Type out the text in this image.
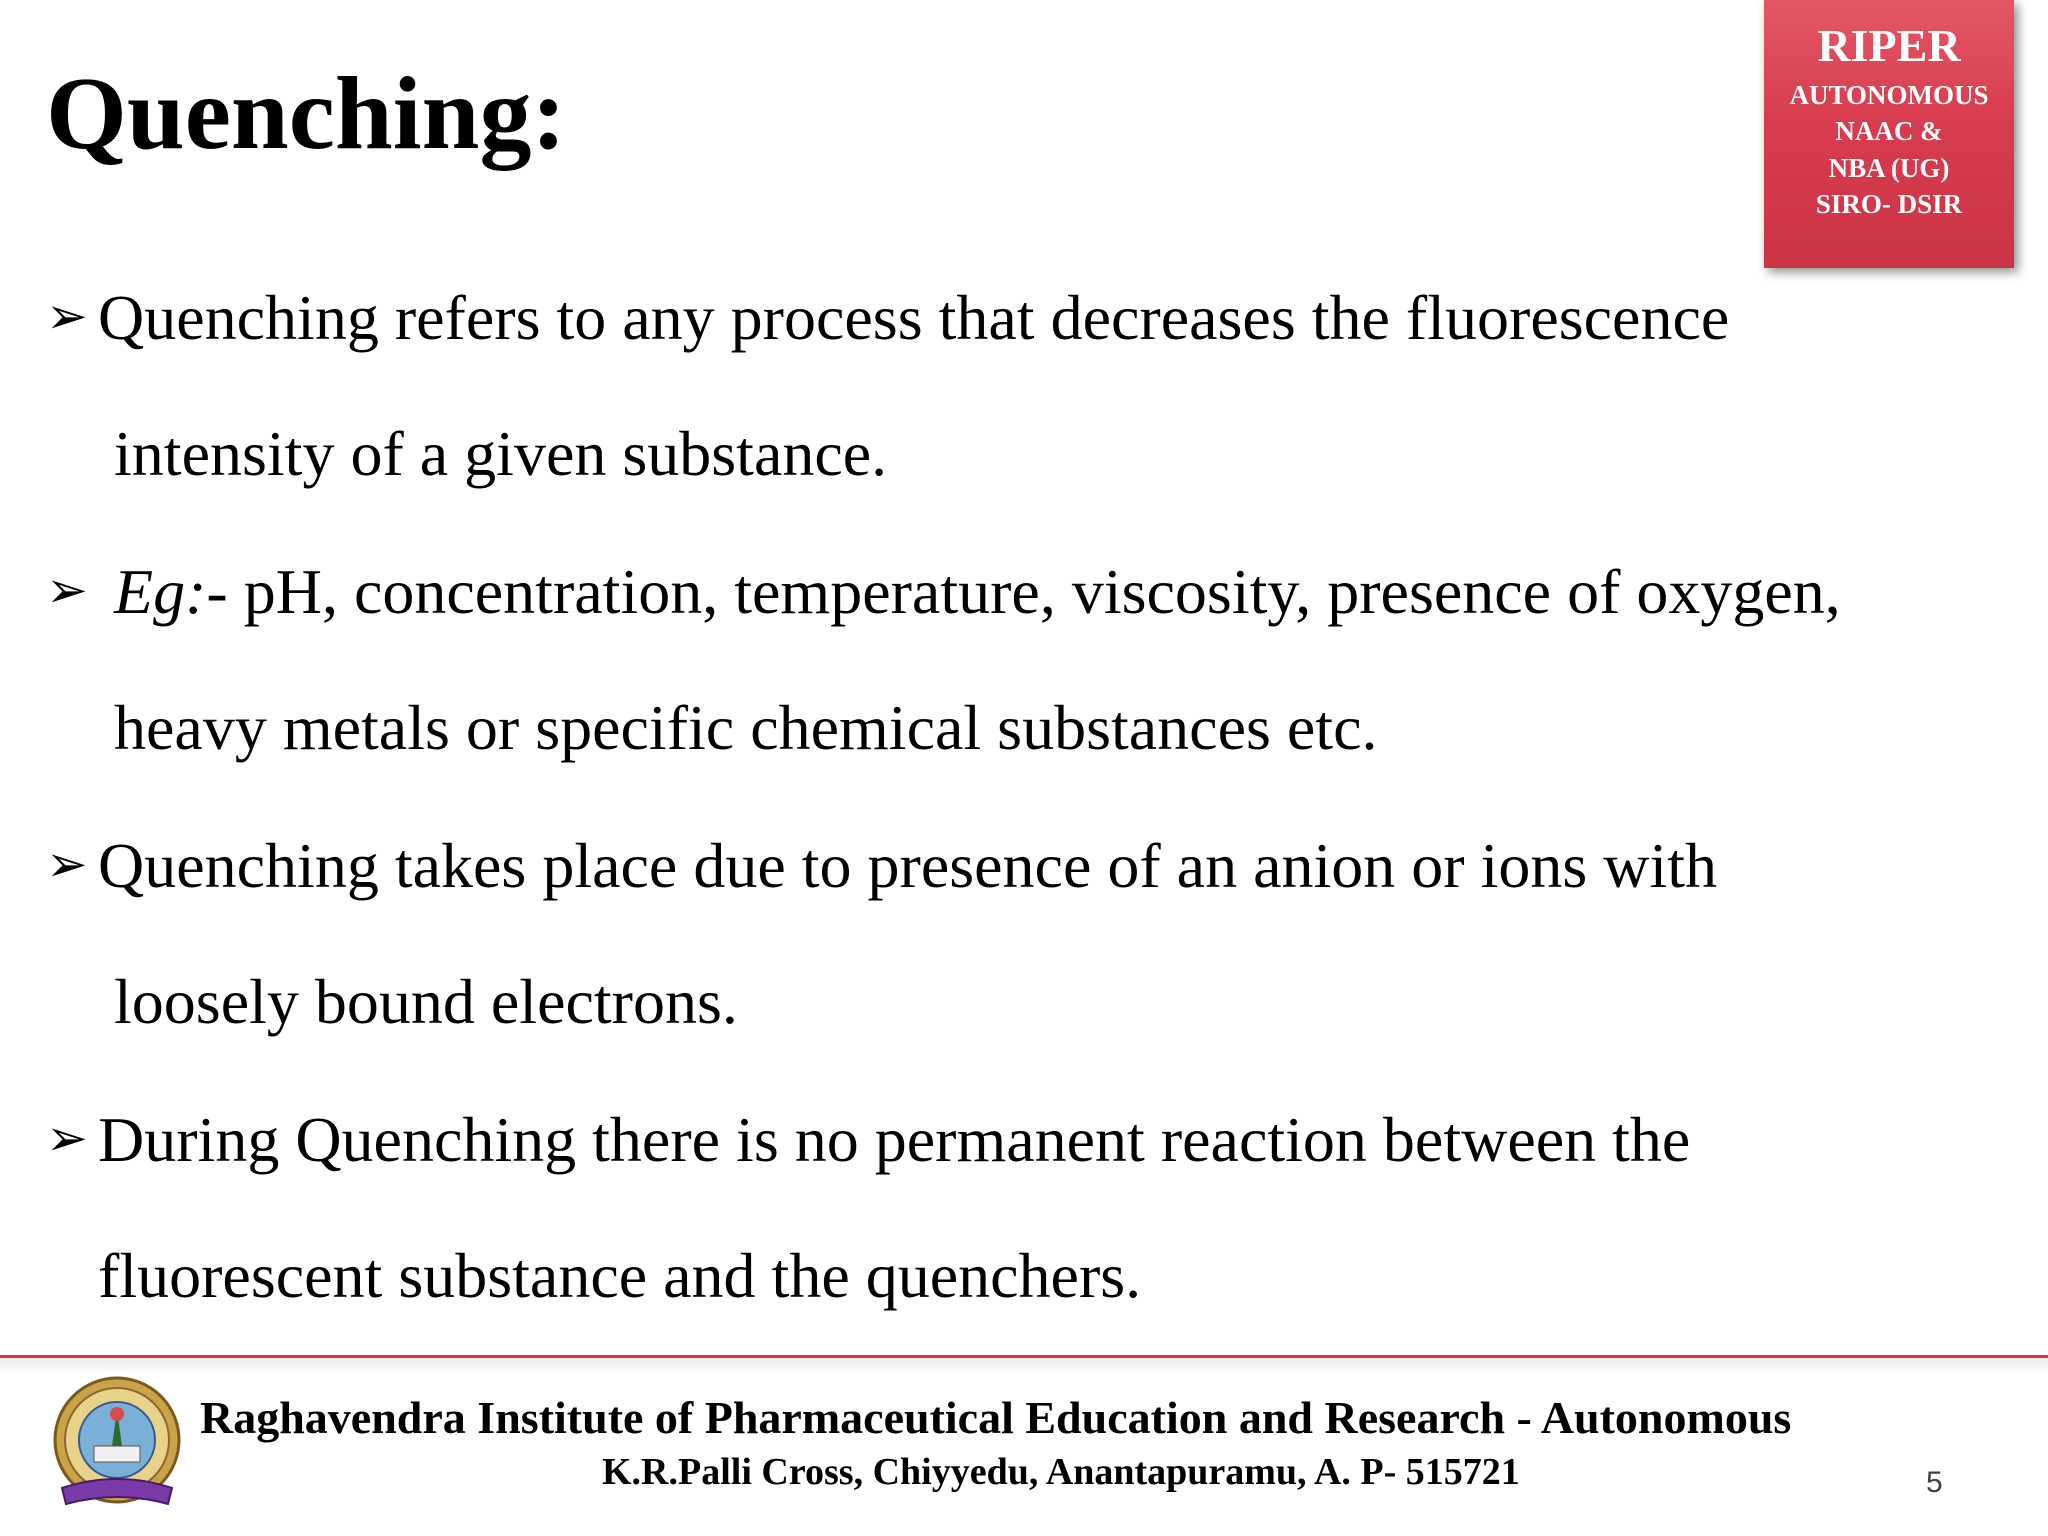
Quenching:
RIPER
AUTONOMOUS
NAAC &
NBA (UG)
SIRO- DSIR
➢ Quenching refers to any process that decreases the fluorescence
intensity of a given substance.
➢ Eg:- pH, concentration, temperature, viscosity, presence of oxygen,
heavy metals or specific chemical substances etc.
➢ Quenching takes place due to presence of an anion or ions with
loosely bound electrons.
➢ During Quenching there is no permanent reaction between the
fluorescent substance and the quenchers.
Raghavendra Institute of Pharmaceutical Education and Research - Autonomous
K.R.Palli Cross, Chiyyedu, Anantapuramu, A. P- 515721	5
